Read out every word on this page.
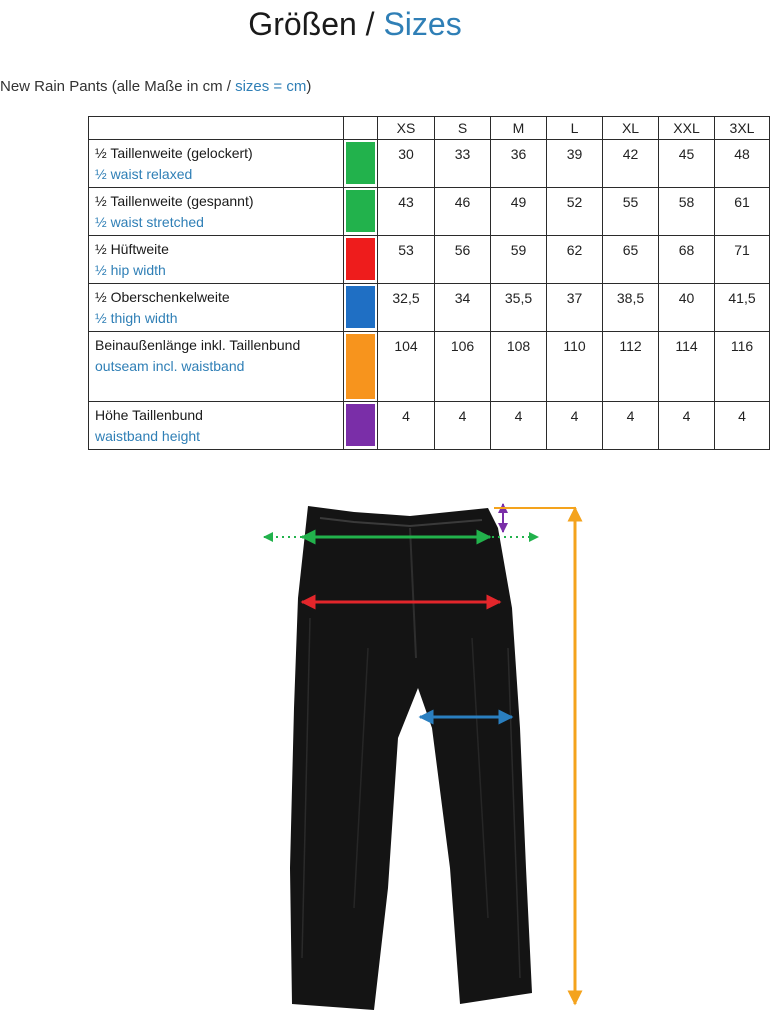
Größen / Sizes
New Rain Pants (alle Maße in cm / sizes = cm)
		XS	S	M	L	XL	XXL	3XL

½ Taillenweite (gelockert)
½ waist relaxed		30	33	36	39	42	45	48

½ Taillenweite (gespannt)
½ waist stretched		43	46	49	52	55	58	61

½ Hüftweite
½ hip width		53	56	59	62	65	68	71

½ Oberschenkelweite
½ thigh width		32,5	34	35,5	37	38,5	40	41,5

Beinaußenlänge inkl. Taillenbund
outseam incl. waistband		104	106	108	110	112	114	116

Höhe Taillenbund
waistband height		4	4	4	4	4	4	4
